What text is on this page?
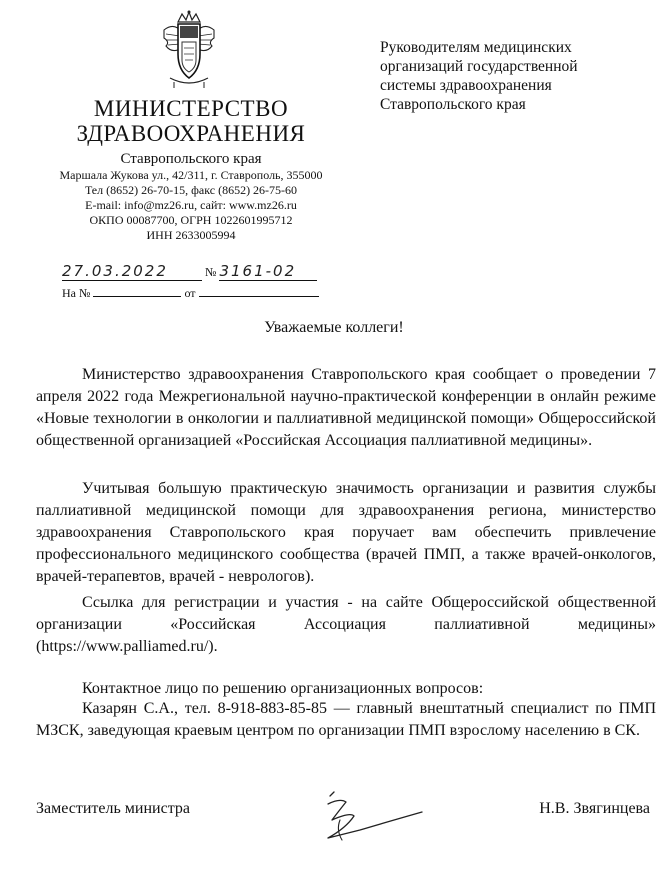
МИНИСТЕРСТВО
ЗДРАВООХРАНЕНИЯ
Ставропольского края
Маршала Жукова ул., 42/311, г. Ставрополь, 355000
Тел (8652) 26-70-15, факс (8652) 26-75-60
E-mail: info@mz26.ru, сайт: www.mz26.ru
ОКПО 00087700, ОГРН 1022601995712
ИНН 2633005994
27.03.2022	№ 3161-02
На №	от
Руководителям медицинских
организаций государственной
системы здравоохранения
Ставропольского края
Уважаемые коллеги!

Министерство здравоохранения Ставропольского края сообщает о проведении 7 апреля 2022 года Межрегиональной научно-практической конференции в онлайн режиме «Новые технологии в онкологии и паллиативной медицинской помощи» Общероссийской общественной организацией «Российская Ассоциация паллиативной медицины».

Учитывая большую практическую значимость организации и развития службы паллиативной медицинской помощи для здравоохранения региона, министерство здравоохранения Ставропольского края поручает вам обеспечить привлечение профессионального медицинского сообщества (врачей ПМП, а также врачей-онкологов, врачей-терапевтов, врачей - неврологов).

Ссылка для регистрации и участия - на сайте Общероссийской общественной организации «Российская Ассоциация паллиативной медицины» (https://www.palliamed.ru/).

Контактное лицо по решению организационных вопросов:

Казарян С.А., тел. 8-918-883-85-85 — главный внештатный специалист по ПМП МЗСК, заведующая краевым центром по организации ПМП взрослому населению в СК.

Заместитель министра	Н.В. Звягинцева
